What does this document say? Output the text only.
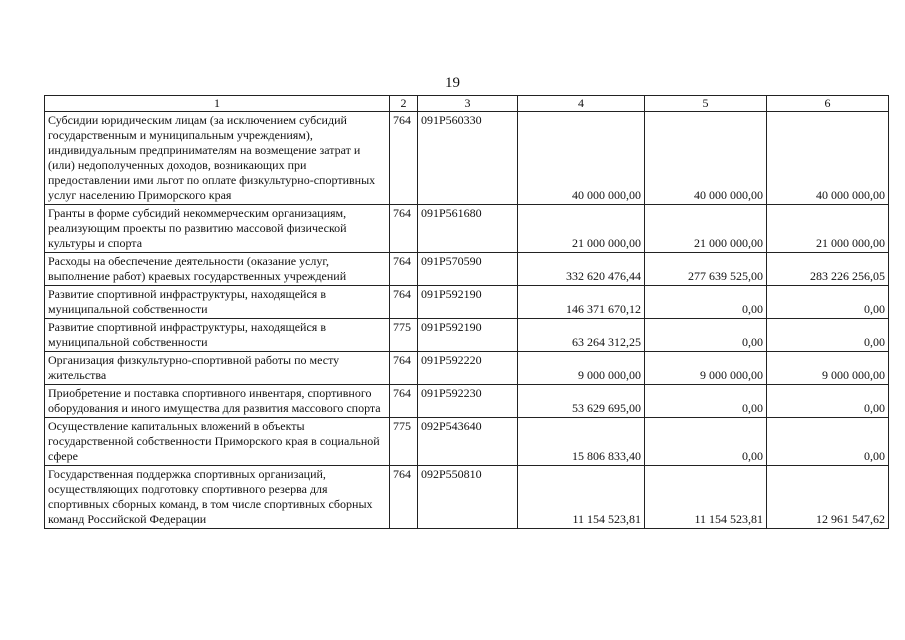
19
1	2	3	4	5	6
Субсидии юридическим лицам (за исключением субсидий государственным и муниципальным учреждениям), индивидуальным предпринимателям на возмещение затрат и (или) недополученных доходов, возникающих при предоставлении ими льгот по оплате физкультурно-спортивных услуг населению Приморского края	764	091P560330	40 000 000,00	40 000 000,00	40 000 000,00
Гранты в форме субсидий некоммерческим организациям, реализующим проекты по развитию массовой физической культуры и спорта	764	091P561680	21 000 000,00	21 000 000,00	21 000 000,00
Расходы на обеспечение деятельности (оказание услуг, выполнение работ) краевых государственных учреждений	764	091P570590	332 620 476,44	277 639 525,00	283 226 256,05
Развитие спортивной инфраструктуры, находящейся в муниципальной собственности	764	091P592190	146 371 670,12	0,00	0,00
Развитие спортивной инфраструктуры, находящейся в муниципальной собственности	775	091P592190	63 264 312,25	0,00	0,00
Организация физкультурно-спортивной работы по месту жительства	764	091P592220	9 000 000,00	9 000 000,00	9 000 000,00
Приобретение и поставка спортивного инвентаря, спортивного оборудования и иного имущества для развития массового спорта	764	091P592230	53 629 695,00	0,00	0,00
Осуществление капитальных вложений в объекты государственной собственности Приморского края в социальной сфере	775	092P543640	15 806 833,40	0,00	0,00
Государственная поддержка спортивных организаций, осуществляющих подготовку спортивного резерва для спортивных сборных команд, в том числе спортивных сборных команд Российской Федерации	764	092P550810	11 154 523,81	11 154 523,81	12 961 547,62
